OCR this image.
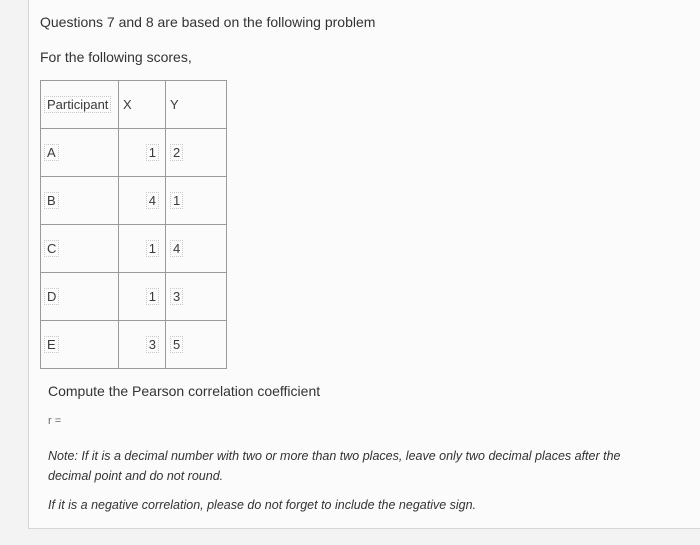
Questions 7 and 8 are based on the following problem
For the following scores,
Participant	X	Y
A	1	2
B	4	1
C	1	4
D	1	3
E	3	5
Compute the Pearson correlation coefficient
r =
Note: If it is a decimal number with two or more than two places, leave only two decimal places after the decimal point and do not round.
If it is a negative correlation, please do not forget to include the negative sign.
